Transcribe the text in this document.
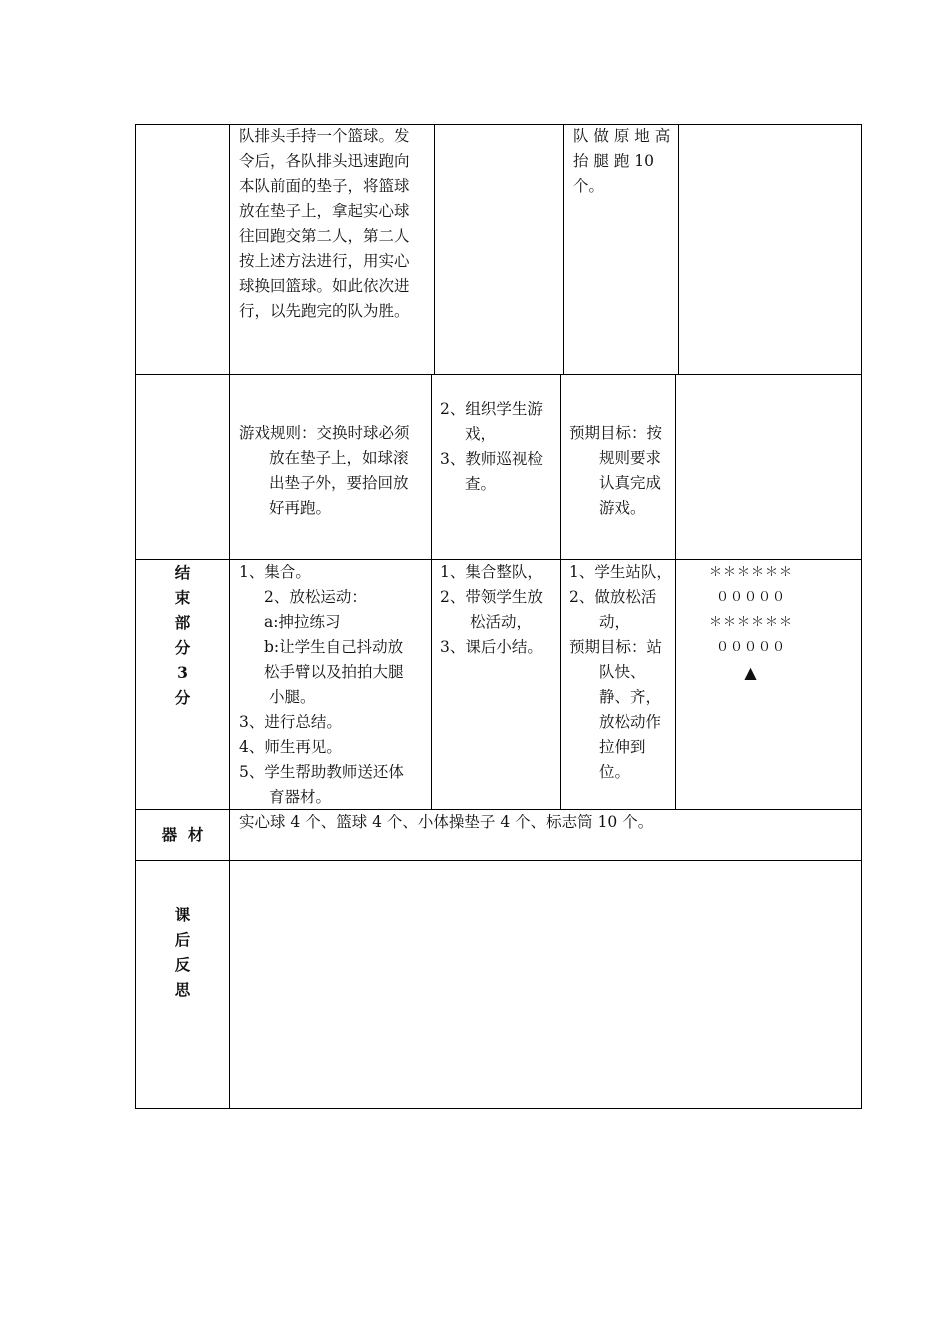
队排头手持一个篮球。发
令后，各队排头迅速跑向
本队前面的垫子，将篮球
放在垫子上，拿起实心球
往回跑交第二人，第二人
按上述方法进行，用实心
球换回篮球。如此依次进
行，以先跑完的队为胜。
队 做 原 地 高
抬 腿 跑 10
个。
游戏规则：交换时球必须
放在垫子上，如球滚
出垫子外，要拾回放
好再跑。
2、组织学生游
戏，
3、教师巡视检
查。
预期目标：按
规则要求
认真完成
游戏。
结
束
部
分
3
分
1、集合。
2、放松运动：
a:抻拉练习
b:让学生自己抖动放
松手臂以及拍拍大腿
小腿。
3、进行总结。
4、师生再见。
5、学生帮助教师送还体
育器材。
1、集合整队，
2、带领学生放
松活动，
3、课后小结。
1、学生站队，
2、做放松活
动，
预期目标：站
队快、
静、齐，
放松动作
拉伸到
位。
＊＊＊＊＊＊
０００００
＊＊＊＊＊＊
０００００
▲
器  材
实心球 4 个、篮球 4 个、小体操垫子 4 个、标志筒 10 个。
课
后
反
思
